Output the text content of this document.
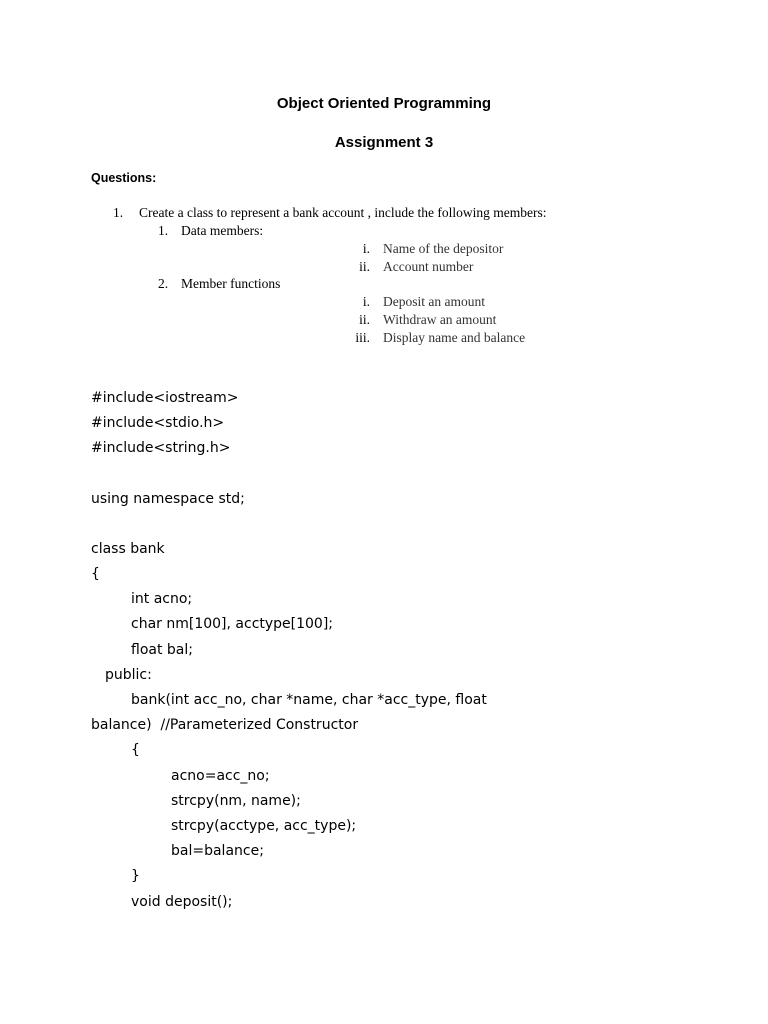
Object Oriented Programming
Assignment 3
Questions:
1. Create a class to represent a bank account , include the following members:
1. Data members:
i. Name of the depositor
ii. Account number
2. Member functions
i. Deposit an amount
ii. Withdraw an amount
iii. Display name and balance
#include<iostream>
#include<stdio.h>
#include<string.h>
using namespace std;
class bank
{
int acno;
char nm[100], acctype[100];
float bal;
public:
bank(int acc_no, char *name, char *acc_type, float
balance)  //Parameterized Constructor
{
acno=acc_no;
strcpy(nm, name);
strcpy(acctype, acc_type);
bal=balance;
}
void deposit();
